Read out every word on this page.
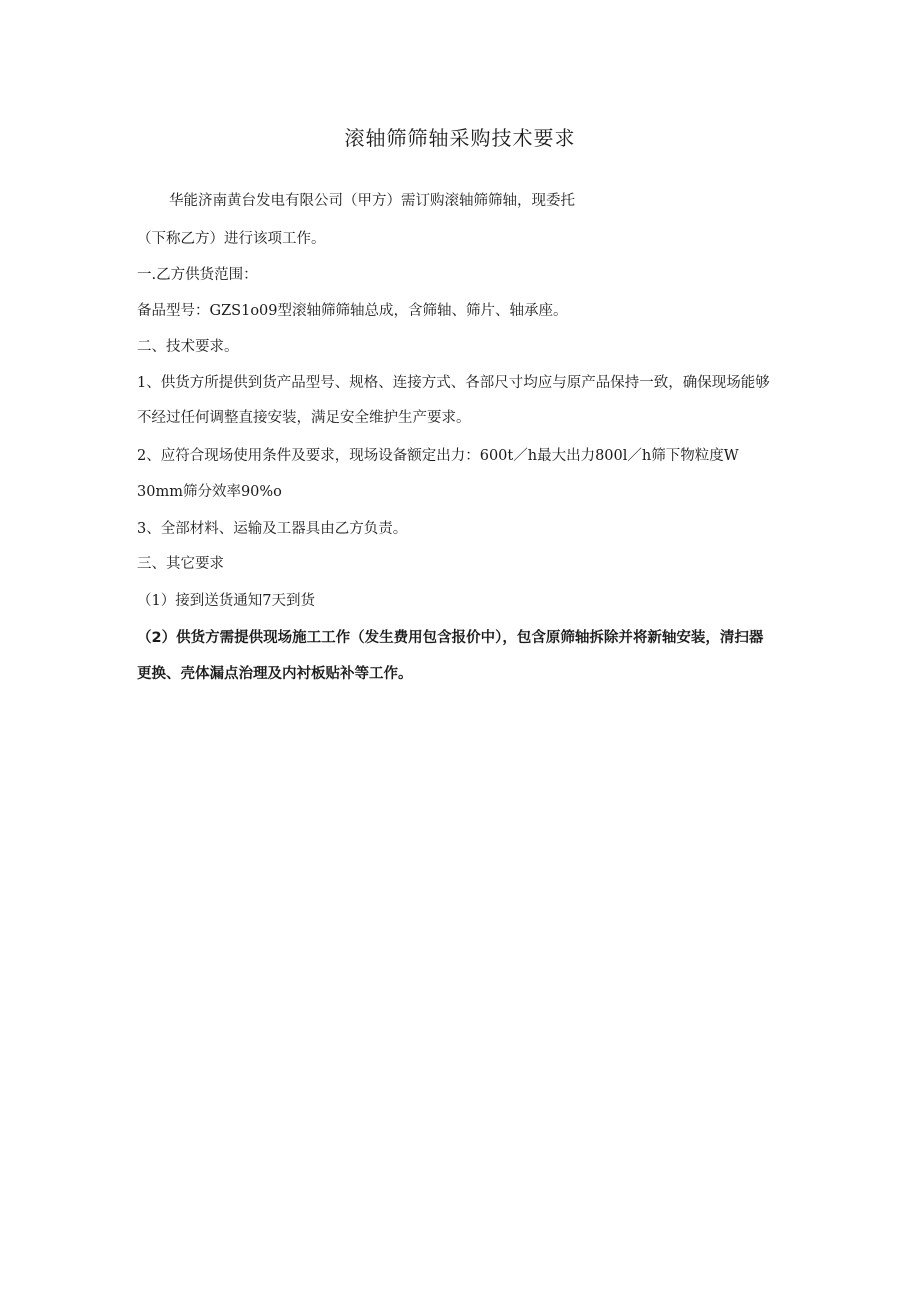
滚轴筛筛轴采购技术要求
华能济南黄台发电有限公司（甲方）需订购滚轴筛筛轴，现委托
（下称乙方）进行该项工作。
一.乙方供货范围：
备品型号：GZS1o09型滚轴筛筛轴总成，含筛轴、筛片、轴承座。
二、技术要求。
1、供货方所提供到货产品型号、规格、连接方式、各部尺寸均应与原产品保持一致，确保现场能够
不经过任何调整直接安装，满足安全维护生产要求。
2、应符合现场使用条件及要求，现场设备额定出力：600t／h最大出力800l／h筛下物粒度W
30mm筛分效率90%o
3、全部材料、运输及工器具由乙方负责。
三、其它要求
（1）接到送货通知7天到货
（2）供货方需提供现场施工工作（发生费用包含报价中），包含原筛轴拆除并将新轴安装，清扫器
更换、壳体漏点治理及内衬板贴补等工作。
